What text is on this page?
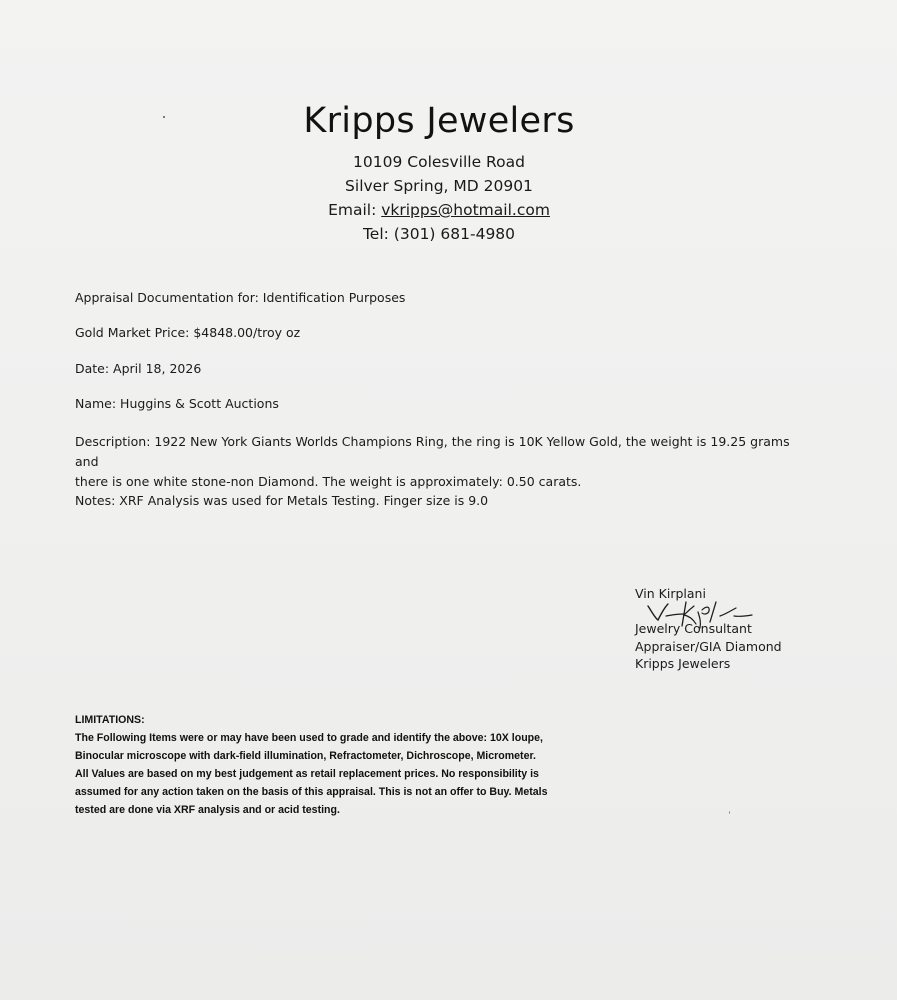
Kripps Jewelers
10109 Colesville Road
Silver Spring, MD 20901
Email: vkripps@hotmail.com
Tel: (301) 681-4980
Appraisal Documentation for: Identification Purposes
Gold Market Price: $4848.00/troy oz
Date: April 18, 2026
Name: Huggins & Scott Auctions
Description: 1922 New York Giants Worlds Champions Ring, the ring is 10K Yellow Gold, the weight is 19.25 grams and
there is one white stone-non Diamond. The weight is approximately: 0.50 carats.
Notes: XRF Analysis was used for Metals Testing. Finger size is 9.0
Vin Kirplani
Jewelry Consultant
Appraiser/GIA Diamond
Kripps Jewelers
LIMITATIONS:
The Following Items were or may have been used to grade and identify the above: 10X loupe,
Binocular microscope with dark-field illumination, Refractometer, Dichroscope, Micrometer.
All Values are based on my best judgement as retail replacement prices. No responsibility is
assumed for any action taken on the basis of this appraisal. This is not an offer to Buy. Metals
tested are done via XRF analysis and or acid testing.
